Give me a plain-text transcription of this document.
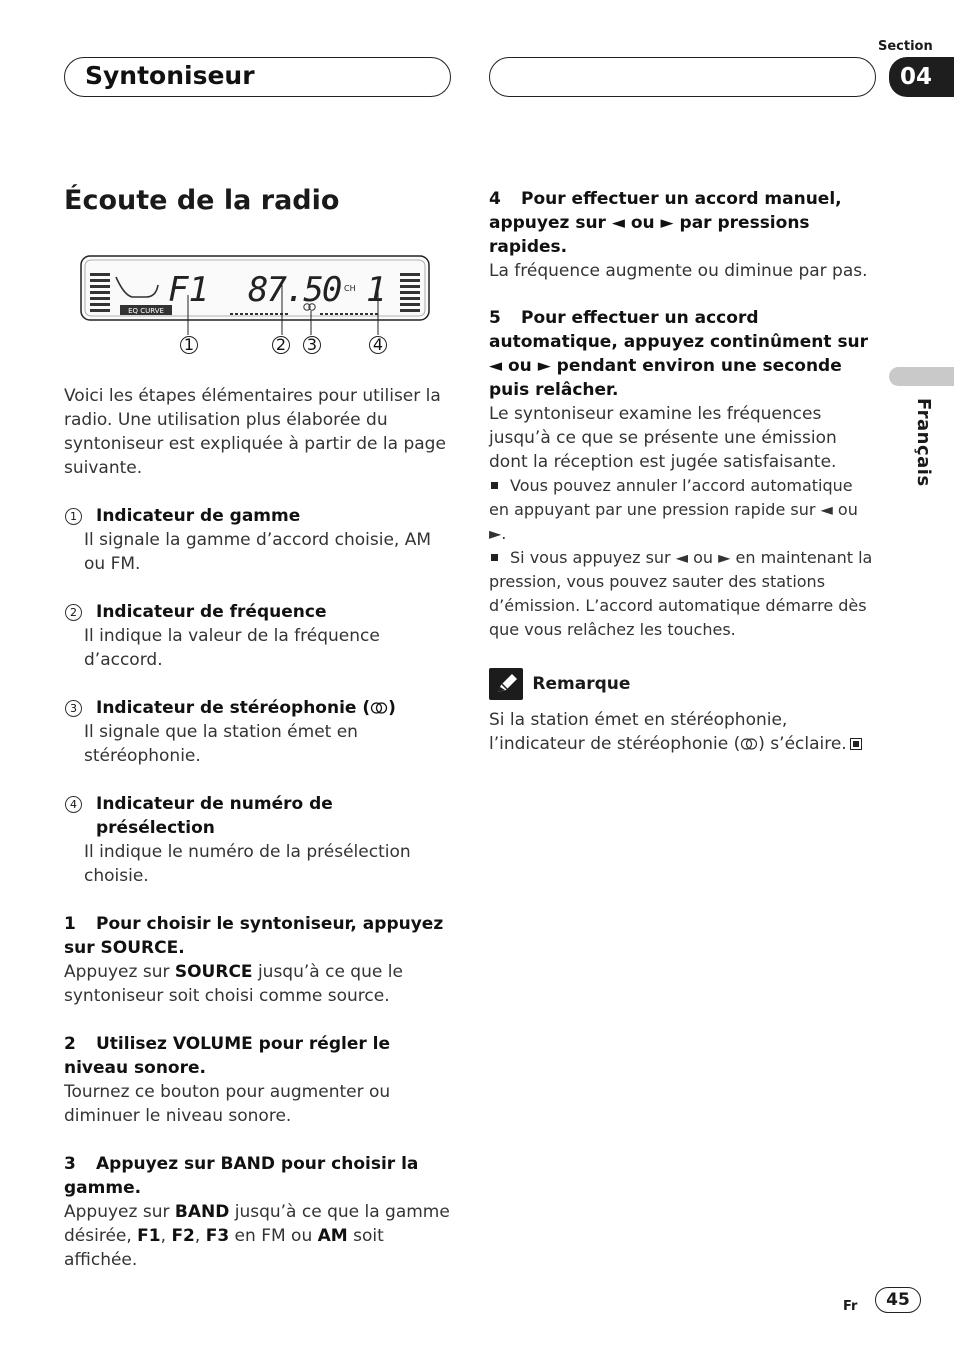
Syntoniseur
Section
04
Français
Écoute de la radio
EQ CURVE
F1 87.50 CH 1
1	2 3	4

Voici les étapes élémentaires pour utiliser la radio. Une utilisation plus élaborée du syntoniseur est expliquée à partir de la page suivante.

1 Indicateur de gamme

Il signale la gamme d’accord choisie, AM ou FM.

2 Indicateur de fréquence

Il indique la valeur de la fréquence d’accord.

3 Indicateur de stéréophonie ( )

Il signale que la station émet en stéréophonie.

4 Indicateur de numéro de présélection

Il indique le numéro de la présélection choisie.

1 Pour choisir le syntoniseur, appuyez sur SOURCE.

Appuyez sur SOURCE jusqu’à ce que le syntoniseur soit choisi comme source.

2 Utilisez VOLUME pour régler le niveau sonore.

Tournez ce bouton pour augmenter ou diminuer le niveau sonore.

3 Appuyez sur BAND pour choisir la gamme.

Appuyez sur BAND jusqu’à ce que la gamme désirée, F1, F2, F3 en FM ou AM soit affichée.

4 Pour effectuer un accord manuel, appuyez sur ◄ ou ► par pressions rapides.

La fréquence augmente ou diminue par pas.

5 Pour effectuer un accord automatique, appuyez continûment sur ◄ ou ► pendant environ une seconde puis relâcher.

Le syntoniseur examine les fréquences jusqu’à ce que se présente une émission dont la réception est jugée satisfaisante.

Vous pouvez annuler l’accord automatique en appuyant par une pression rapide sur ◄ ou ►.

Si vous appuyez sur ◄ ou ► en maintenant la pression, vous pouvez sauter des stations d’émission. L’accord automatique démarre dès que vous relâchez les touches.

Remarque

Si la station émet en stéréophonie, l’indicateur de stéréophonie ( ) s’éclaire.

Fr	45
